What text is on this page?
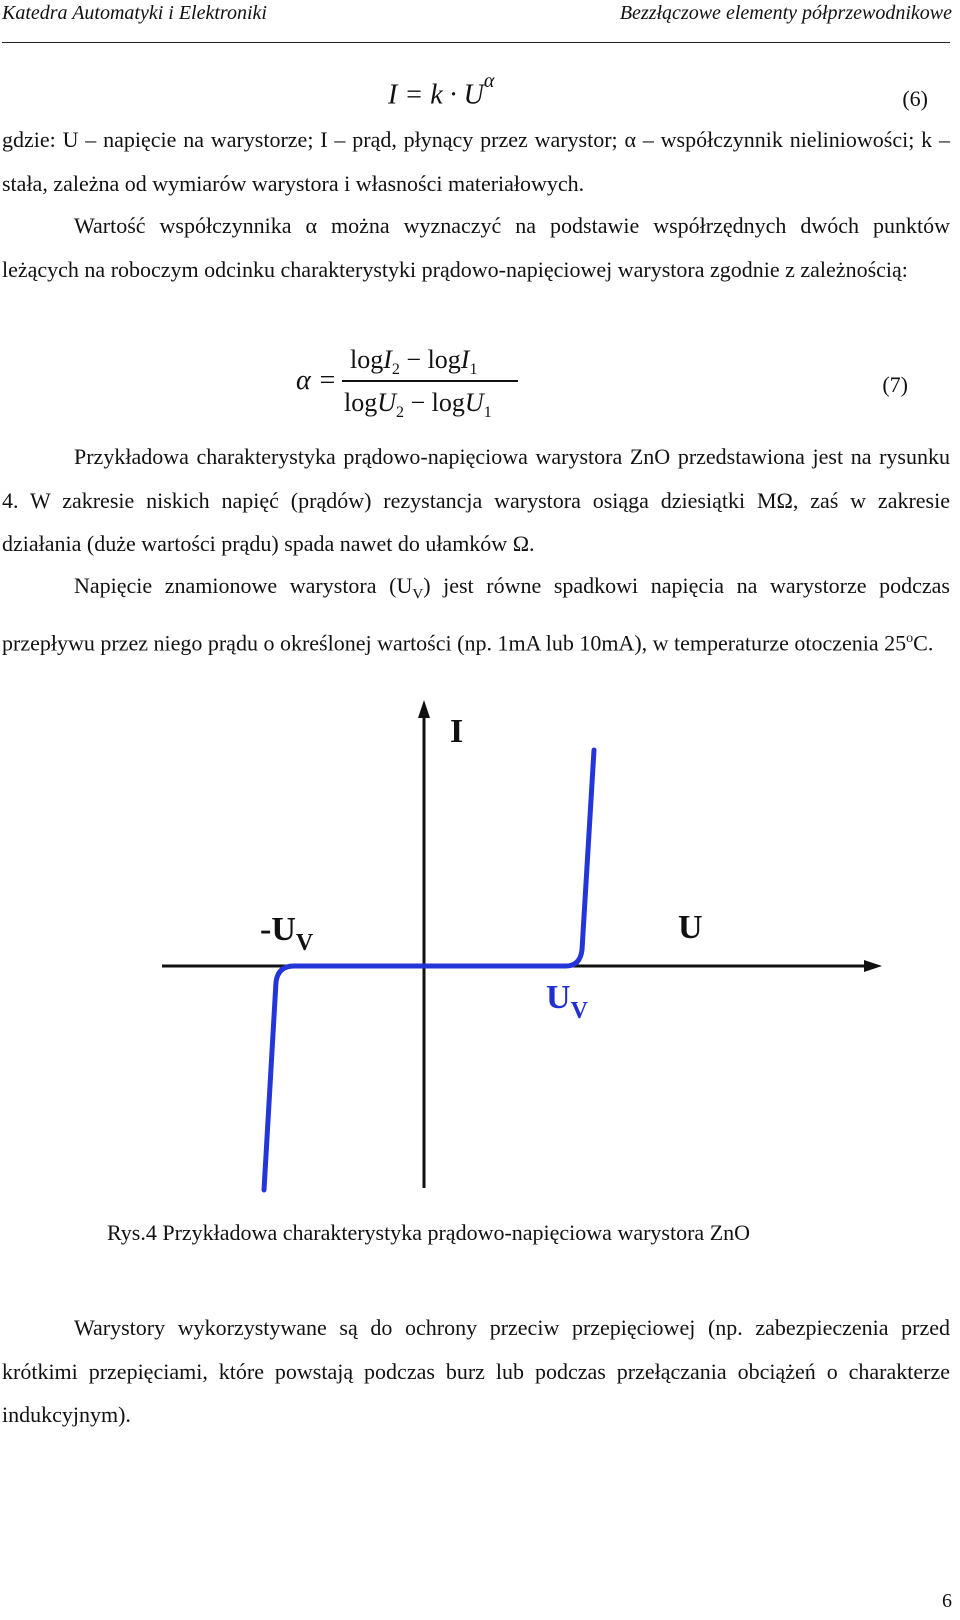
Katedra Automatyki i Elektroniki	Bezzłączowe elementy półprzewodnikowe
$I = k \cdot U^\alpha$
(6)

gdzie: U – napięcie na warystorze; I – prąd, płynący przez warystor; α – współczynnik nieliniowości; k – stała, zależna od wymiarów warystora i własności materiałowych.

Wartość współczynnika α można wyznaczyć na podstawie współrzędnych dwóch punktów leżących na roboczym odcinku charakterystyki prądowo-napięciowej warystora zgodnie z zależnością:

α =
logI$_2$ − logI$_1$
logU$_2$ − logU$_1$
(7)

Przykładowa charakterystyka prądowo-napięciowa warystora ZnO przedstawiona jest na rysunku 4. W zakresie niskich napięć (prądów) rezystancja warystora osiąga dziesiątki MΩ, zaś w zakresie działania (duże wartości prądu) spada nawet do ułamków Ω.

Napięcie znamionowe warystora $(U_V)$ jest równe spadkowi napięcia na warystorze podczas przepływu przez niego prądu o określonej wartości (np. 1mA lub 10mA), w temperaturze otoczenia 25$^o$C.

I
U
$-U_V$
$U_V$
Rys.4 Przykładowa charakterystyka prądowo-napięciowa warystora ZnO

Warystory wykorzystywane są do ochrony przeciw przepięciowej (np. zabezpieczenia przed krótkimi przepięciami, które powstają podczas burz lub podczas przełączania obciążeń o charakterze indukcyjnym).

6
